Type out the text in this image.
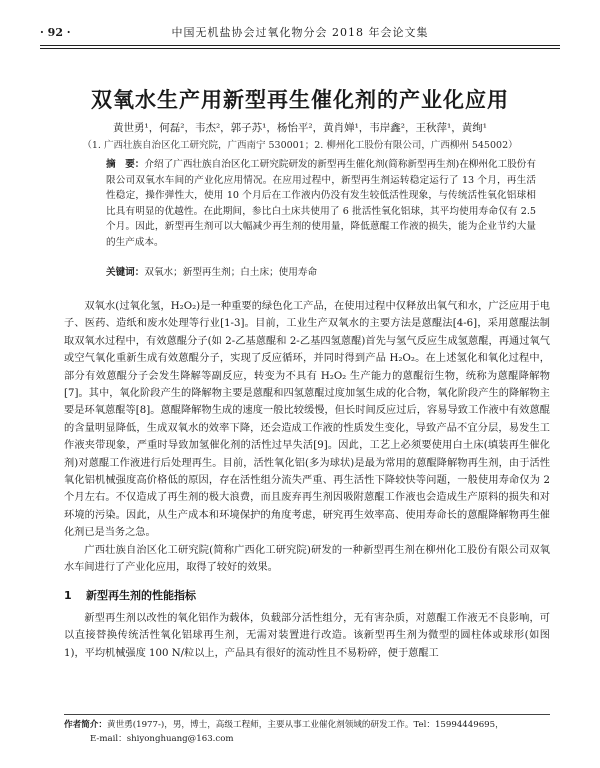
· 92 ·	中国无机盐协会过氧化物分会 2018 年会论文集
双氧水生产用新型再生催化剂的产业化应用
黄世勇¹，何磊²，韦杰²，郭子苏¹，杨怡平²，黄肖婵¹，韦岸鑫²，王秋萍¹，黄绚¹
（1. 广西壮族自治区化工研究院，广西南宁 530001；2. 柳州化工股份有限公司，广西柳州 545002）
摘　要：介绍了广西壮族自治区化工研究院研发的新型再生催化剂(简称新型再生剂)在柳州化工股份有限公司双氧水车间的产业化应用情况。在应用过程中，新型再生剂运转稳定运行了 13 个月，再生活性稳定，操作弹性大，使用 10 个月后在工作液内仍没有发生较低活性现象，与传统活性氧化铝球相比具有明显的优越性。在此期间，参比白土床共使用了 6 批活性氧化铝球，其平均使用寿命仅有 2.5 个月。因此，新型再生剂可以大幅减少再生剂的使用量，降低蒽醌工作液的损失，能为企业节约大量的生产成本。
关键词：双氧水；新型再生剂；白土床；使用寿命

双氧水(过氧化氢，H₂O₂)是一种重要的绿色化工产品，在使用过程中仅释放出氧气和水，广泛应用于电子、医药、造纸和废水处理等行业[1-3]。目前，工业生产双氧水的主要方法是蒽醌法[4-6]，采用蒽醌法制取双氧水过程中，有效蒽醌分子(如 2-乙基蒽醌和 2-乙基四氢蒽醌)首先与氢气反应生成氢蒽醌，再通过氧气或空气氧化重新生成有效蒽醌分子，实现了反应循环，并同时得到产品 H₂O₂。在上述氢化和氧化过程中，部分有效蒽醌分子会发生降解等副反应，转变为不具有 H₂O₂ 生产能力的蒽醌衍生物，统称为蒽醌降解物[7]。其中，氧化阶段产生的降解物主要是蒽醌和四氢蒽醌过度加氢生成的化合物，氧化阶段产生的降解物主要是环氧蒽醌等[8]。蒽醌降解物生成的速度一般比较缓慢，但长时间反应过后，容易导致工作液中有效蒽醌的含量明显降低，生成双氧水的效率下降，还会造成工作液的性质发生变化，导致产品不宜分层，易发生工作液夹带现象，严重时导致加氢催化剂的活性过早失活[9]。因此，工艺上必须要使用白土床(填装再生催化剂)对蒽醌工作液进行后处理再生。目前，活性氧化铝(多为球状)是最为常用的蒽醌降解物再生剂，由于活性氧化铝机械强度高价格低的原因，存在活性组分流失严重、再生活性下降较快等问题，一般使用寿命仅为 2 个月左右。不仅造成了再生剂的极大浪费，而且废弃再生剂因吸附蒽醌工作液也会造成生产原料的损失和对环境的污染。因此，从生产成本和环境保护的角度考虑，研究再生效率高、使用寿命长的蒽醌降解物再生催化剂已是当务之急。

广西壮族自治区化工研究院(简称广西化工研究院)研发的一种新型再生剂在柳州化工股份有限公司双氧水车间进行了产业化应用，取得了较好的效果。

1 新型再生剂的性能指标

新型再生剂以改性的氧化铝作为载体，负载部分活性组分，无有害杂质，对蒽醌工作液无不良影响，可以直接替换传统活性氧化铝球再生剂，无需对装置进行改造。该新型再生剂为微型的圆柱体或球形(如图 1)，平均机械强度 100 N/粒以上，产品具有很好的流动性且不易粉碎，便于蒽醌工

作者简介：黄世勇(1977-)，男，博士，高级工程师，主要从事工业催化剂领域的研发工作。Tel：15994449695，
E-mail：shiyonghuang@163.com
